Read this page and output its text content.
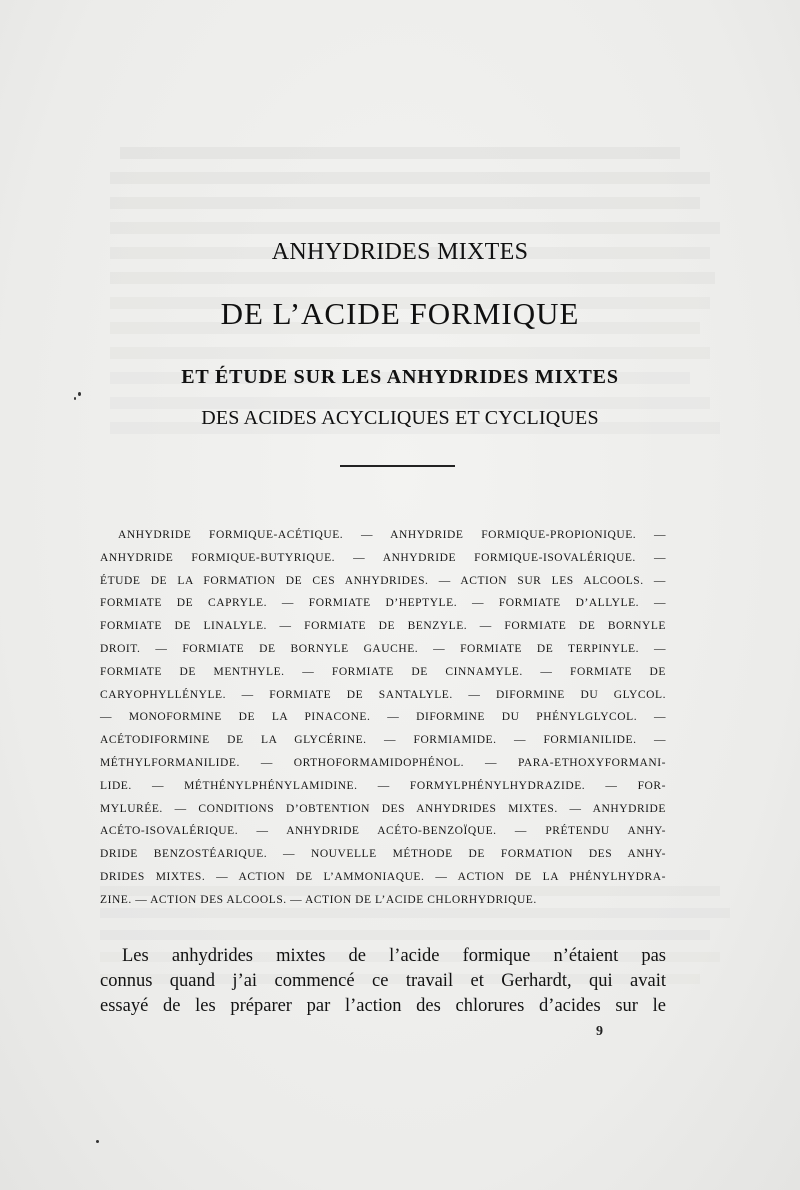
ANHYDRIDES MIXTES
DE L’ACIDE FORMIQUE
ET ÉTUDE SUR LES ANHYDRIDES MIXTES
DES ACIDES ACYCLIQUES ET CYCLIQUES
ANHYDRIDE FORMIQUE-ACÉTIQUE. — ANHYDRIDE FORMIQUE-PROPIONIQUE. —
ANHYDRIDE FORMIQUE-BUTYRIQUE. — ANHYDRIDE FORMIQUE-ISOVALÉRIQUE. —
ÉTUDE DE LA FORMATION DE CES ANHYDRIDES. — ACTION SUR LES ALCOOLS. —
FORMIATE DE CAPRYLE. — FORMIATE D’HEPTYLE. — FORMIATE D’ALLYLE. —
FORMIATE DE LINALYLE. — FORMIATE DE BENZYLE. — FORMIATE DE BORNYLE
DROIT. — FORMIATE DE BORNYLE GAUCHE. — FORMIATE DE TERPINYLE. —
FORMIATE DE MENTHYLE. — FORMIATE DE CINNAMYLE. — FORMIATE DE
CARYOPHYLLÉNYLE. — FORMIATE DE SANTALYLE. — DIFORMINE DU GLYCOL.
— MONOFORMINE DE LA PINACONE. — DIFORMINE DU PHÉNYLGLYCOL. —
ACÉTODIFORMINE DE LA GLYCÉRINE. — FORMIAMIDE. — FORMIANILIDE. —
MÉTHYLFORMANILIDE. — ORTHOFORMAMIDOPHÉNOL. — PARA-ETHOXYFORMANI-
LIDE. — MÉTHÉNYLPHÉNYLAMIDINE. — FORMYLPHÉNYLHYDRAZIDE. — FOR-
MYLURÉE. — CONDITIONS D’OBTENTION DES ANHYDRIDES MIXTES. — ANHYDRIDE
ACÉTO-ISOVALÉRIQUE. — ANHYDRIDE ACÉTO-BENZOÏQUE. — PRÉTENDU ANHY-
DRIDE BENZOSTÉARIQUE. — NOUVELLE MÉTHODE DE FORMATION DES ANHY-
DRIDES MIXTES. — ACTION DE L’AMMONIAQUE. — ACTION DE LA PHÉNYLHYDRA-
ZINE. — ACTION DES ALCOOLS. — ACTION DE L’ACIDE CHLORHYDRIQUE.
Les anhydrides mixtes de l’acide formique n’étaient pas
connus quand j’ai commencé ce travail et Gerhardt, qui avait
essayé de les préparer par l’action des chlorures d’acides sur le
9
